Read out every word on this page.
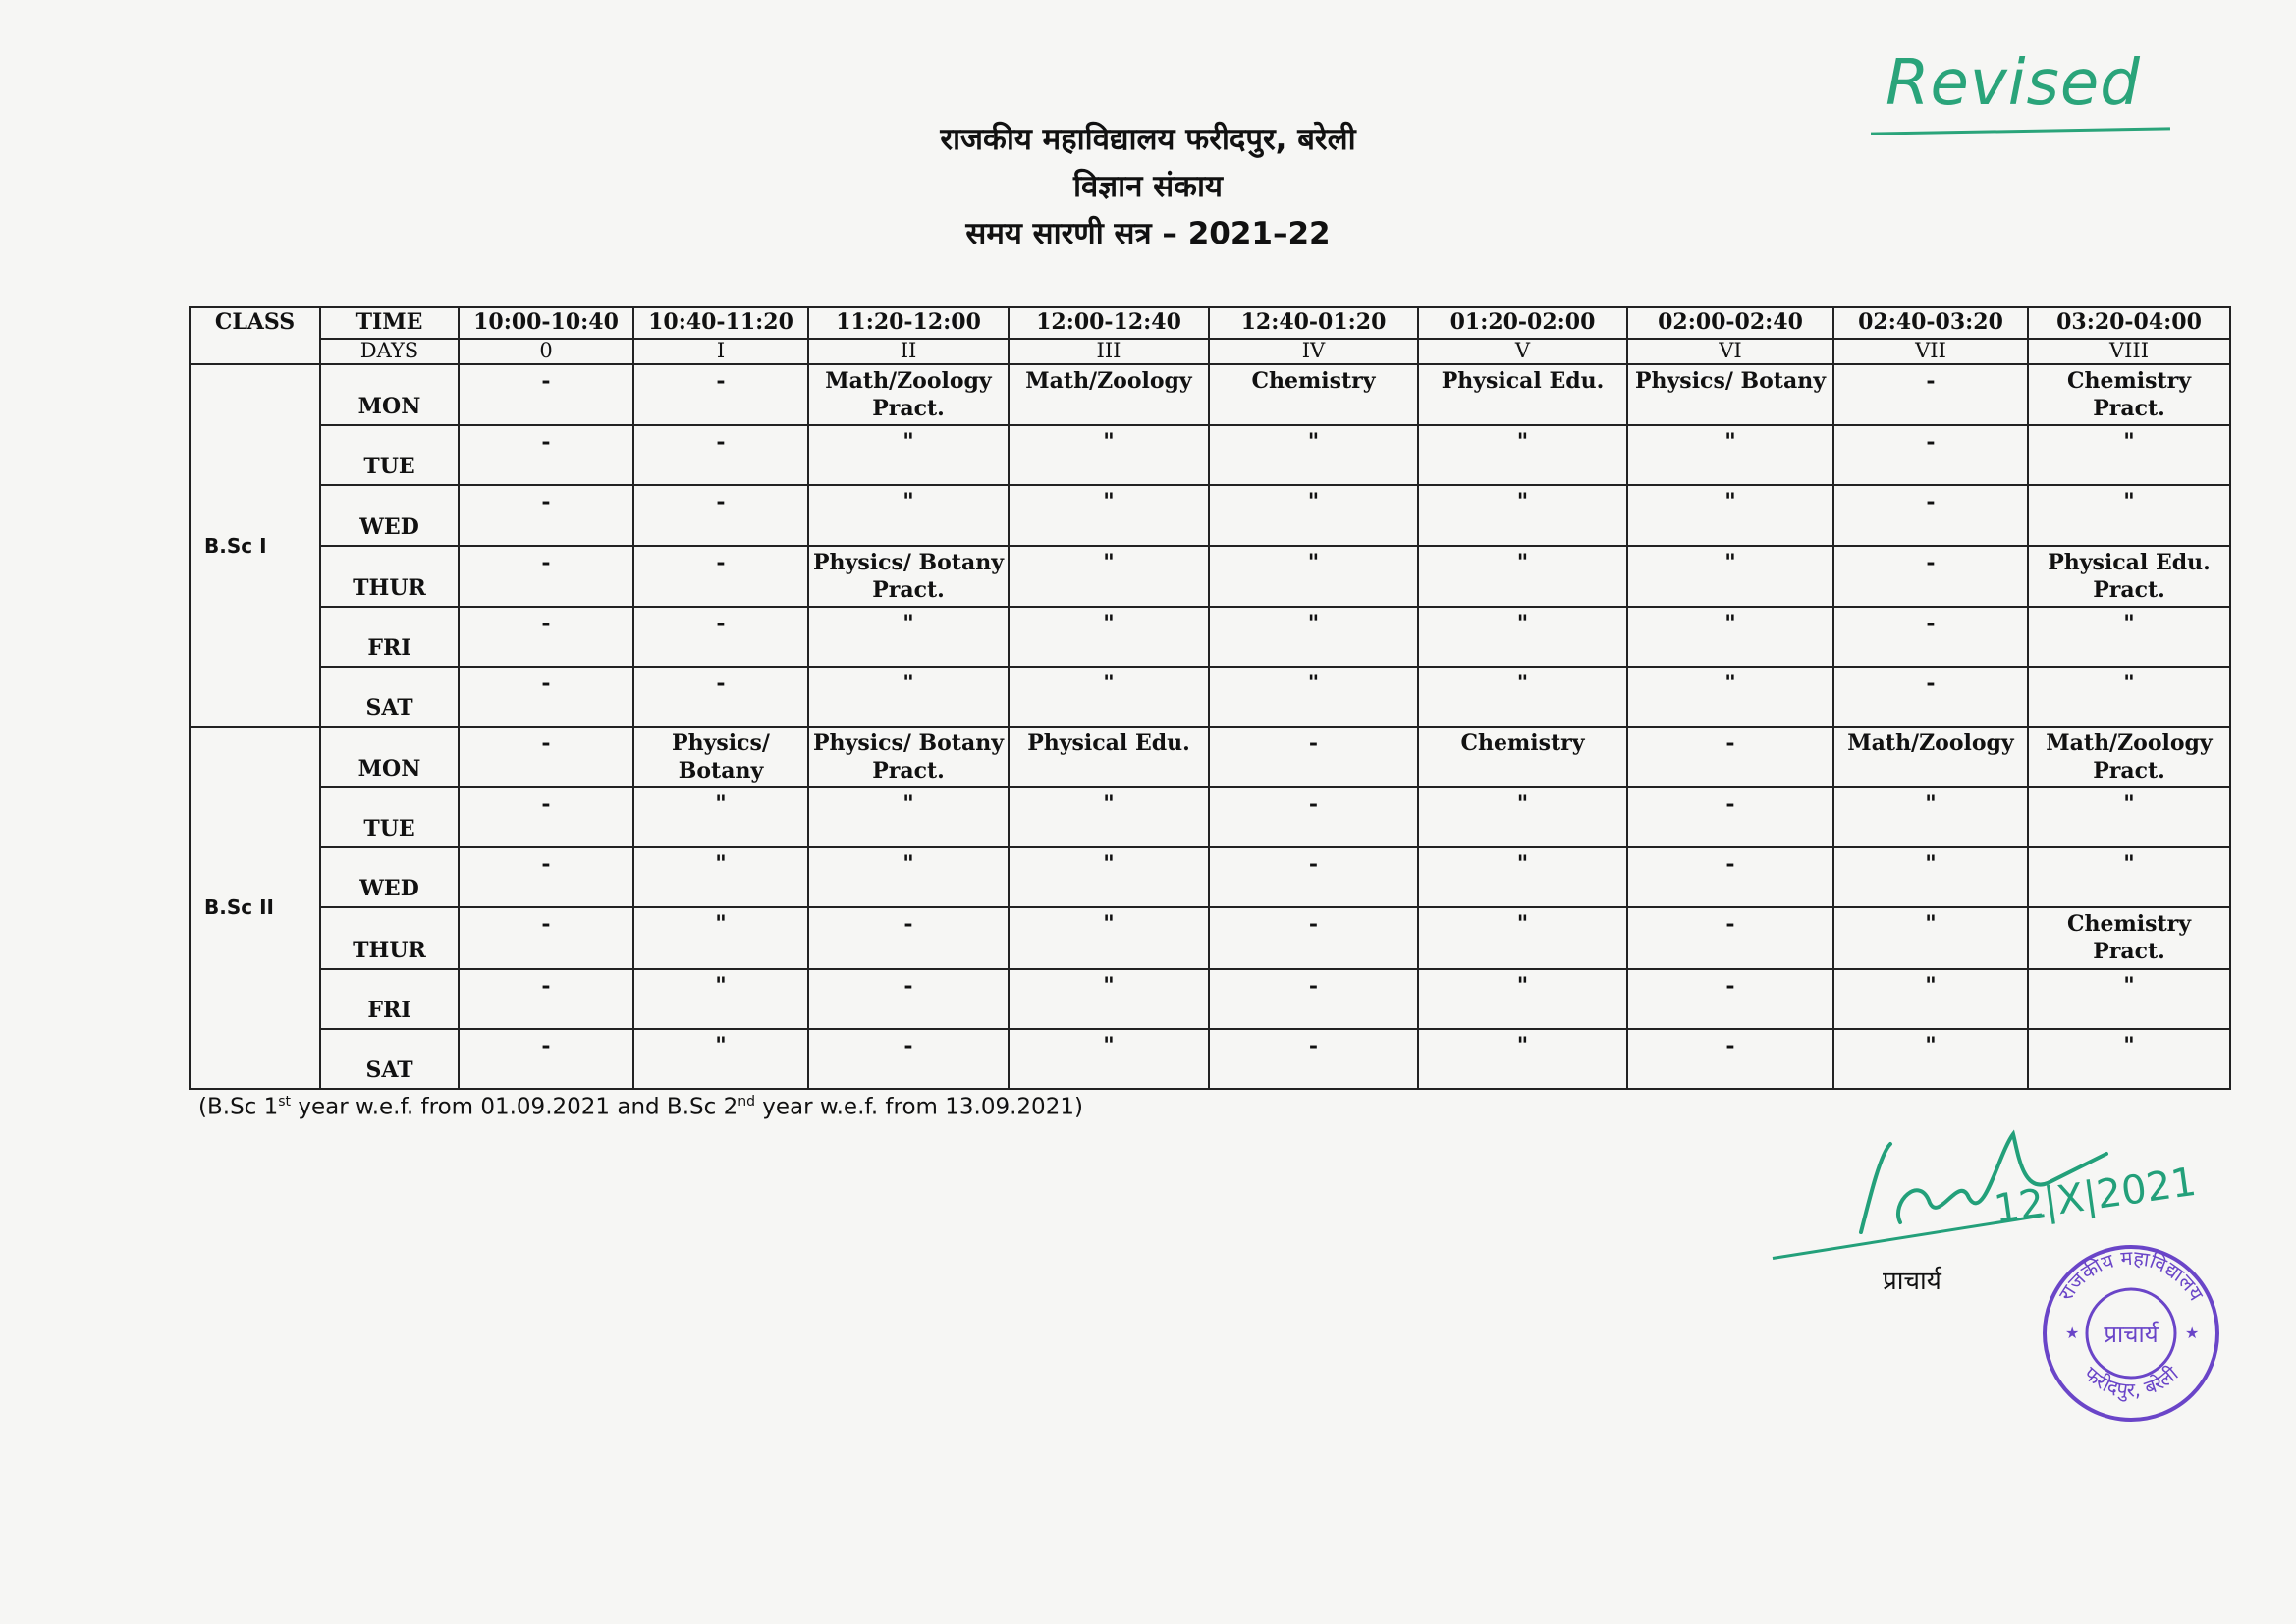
राजकीय महाविद्यालय फरीदपुर, बरेली
विज्ञान संकाय
समय सारणी सत्र – 2021–22
Revised
CLASS	TIME	10:00-10:40	10:40-11:20	11:20-12:00	12:00-12:40	12:40-01:20	01:20-02:00	02:00-02:40	02:40-03:20	03:20-04:00
	DAYS	0	I	II	III	IV	V	VI	VII	VIII
B.Sc I	MON	-	-	Math/Zoology Pract.	Math/Zoology	Chemistry	Physical Edu.	Physics/ Botany	-	Chemistry Pract.
	TUE	-	-	"	"	"	"	"	-	"
	WED	-	-	"	"	"	"	"	-	"
	THUR	-	-	Physics/ Botany Pract.	"	"	"	"	-	Physical Edu. Pract.
	FRI	-	-	"	"	"	"	"	-	"
	SAT	-	-	"	"	"	"	"	-	"
B.Sc II	MON	-	Physics/ Botany	Physics/ Botany Pract.	Physical Edu.	-	Chemistry	-	Math/Zoology	Math/Zoology Pract.
	TUE	-	"	"	"	-	"	-	"	"
	WED	-	"	"	"	-	"	-	"	"
	THUR	-	"	-	"	-	"	-	"	Chemistry Pract.
	FRI	-	"	-	"	-	"	-	"	"
	SAT	-	"	-	"	-	"	-	"	"
(B.Sc 1st year w.e.f. from 01.09.2021 and B.Sc 2nd year w.e.f. from 13.09.2021)
12|X|2021
प्राचार्य	राजकीय महाविद्यालय
फरीदपुर, बरेली
प्राचार्य
★	★
